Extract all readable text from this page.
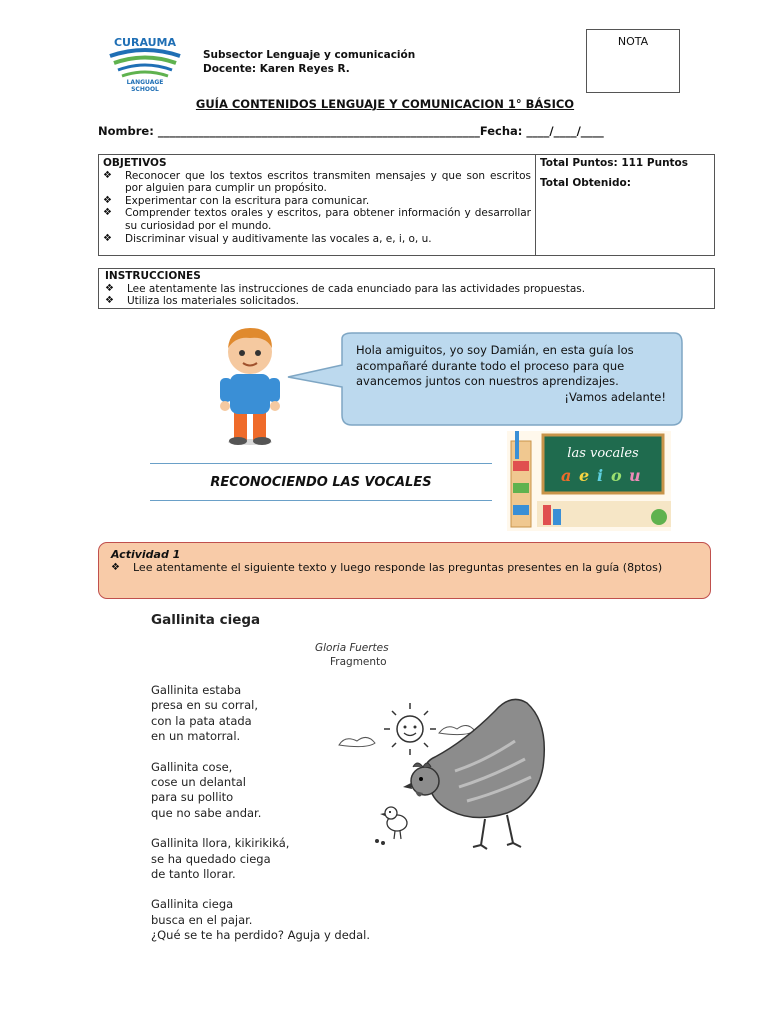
CURAUMA
LANGUAGE
SCHOOL
Subsector Lenguaje y comunicación
Docente: Karen Reyes R.
NOTA
GUÍA CONTENIDOS LENGUAJE Y COMUNICACION 1° BÁSICO
Nombre: ________________________________________________________Fecha: ____/____/____
OBJETIVOS
❖	Reconocer que los textos escritos transmiten mensajes y que son escritos por alguien para cumplir un propósito.
❖	Experimentar con la escritura para comunicar.
❖	Comprender textos orales y escritos, para obtener información y desarrollar su curiosidad por el mundo.
❖	Discriminar visual y auditivamente las vocales a, e, i, o, u.
Total Puntos: 111 Puntos
Total Obtenido:
INSTRUCCIONES
❖	Lee atentamente las instrucciones de cada enunciado para las actividades propuestas.
❖	Utiliza los materiales solicitados.
Hola amiguitos, yo soy Damián, en esta guía los
acompañaré durante todo el proceso para que
avancemos juntos con nuestros aprendizajes.
¡Vamos adelante!
RECONOCIENDO LAS VOCALES
las vocales
a e i o u
Actividad 1
❖	Lee atentamente el siguiente texto y luego responde las preguntas presentes en la guía (8ptos)
Gallinita ciega
Gloria Fuertes
Fragmento
Gallinita estaba
presa en su corral,
con la pata atada
en un matorral.
Gallinita cose,
cose un delantal
para su pollito
que no sabe andar.
Gallinita llora, kikirikiká,
se ha quedado ciega
de tanto llorar.
Gallinita ciega
busca en el pajar.
¿Qué se te ha perdido? Aguja y dedal.
